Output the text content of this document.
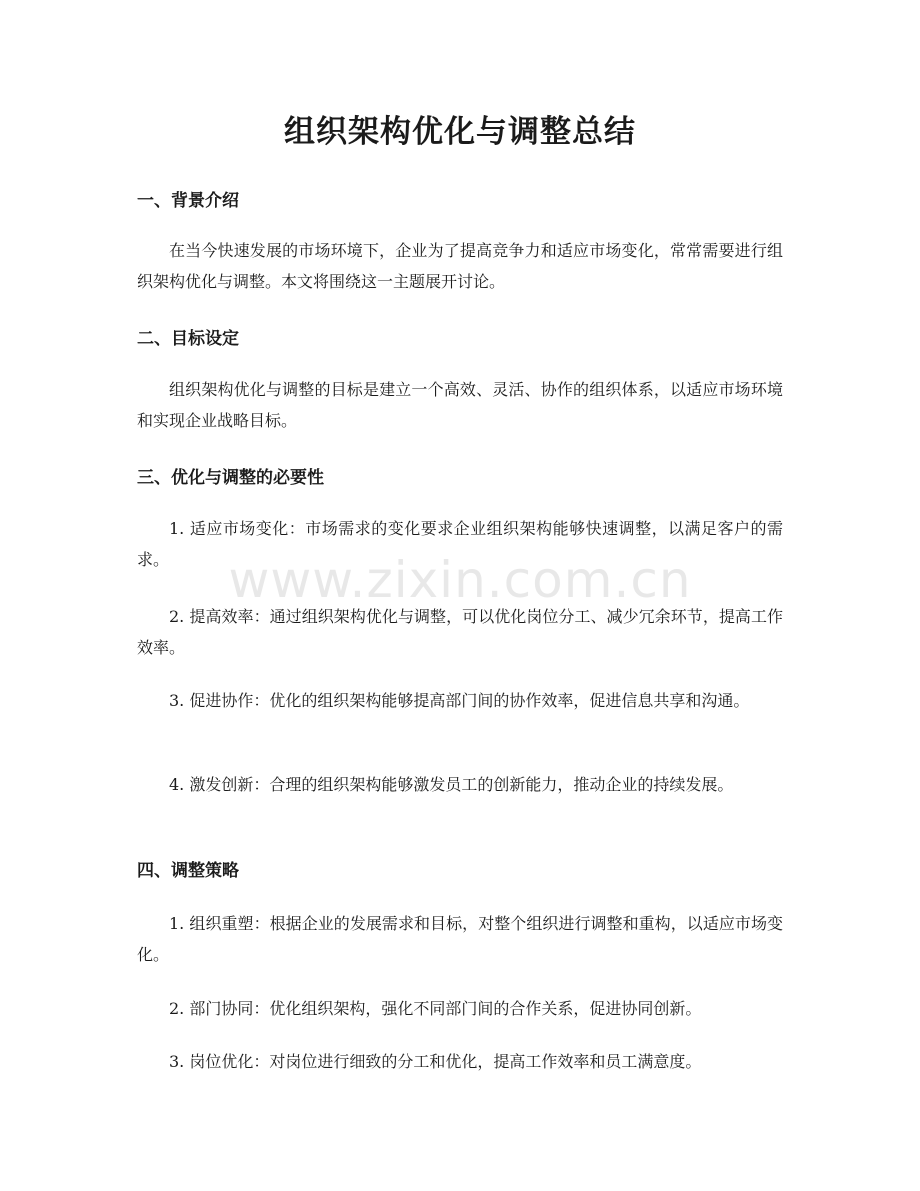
组织架构优化与调整总结
一、背景介绍

在当今快速发展的市场环境下，企业为了提高竞争力和适应市场变化，常常需要进行组织架构优化与调整。本文将围绕这一主题展开讨论。

二、目标设定

组织架构优化与调整的目标是建立一个高效、灵活、协作的组织体系，以适应市场环境和实现企业战略目标。

三、优化与调整的必要性

1. 适应市场变化：市场需求的变化要求企业组织架构能够快速调整，以满足客户的需求。

2. 提高效率：通过组织架构优化与调整，可以优化岗位分工、减少冗余环节，提高工作效率。

3. 促进协作：优化的组织架构能够提高部门间的协作效率，促进信息共享和沟通。

4. 激发创新：合理的组织架构能够激发员工的创新能力，推动企业的持续发展。

四、调整策略

1. 组织重塑：根据企业的发展需求和目标，对整个组织进行调整和重构，以适应市场变化。

2. 部门协同：优化组织架构，强化不同部门间的合作关系，促进协同创新。

3. 岗位优化：对岗位进行细致的分工和优化，提高工作效率和员工满意度。

www.zixin.com.cn
